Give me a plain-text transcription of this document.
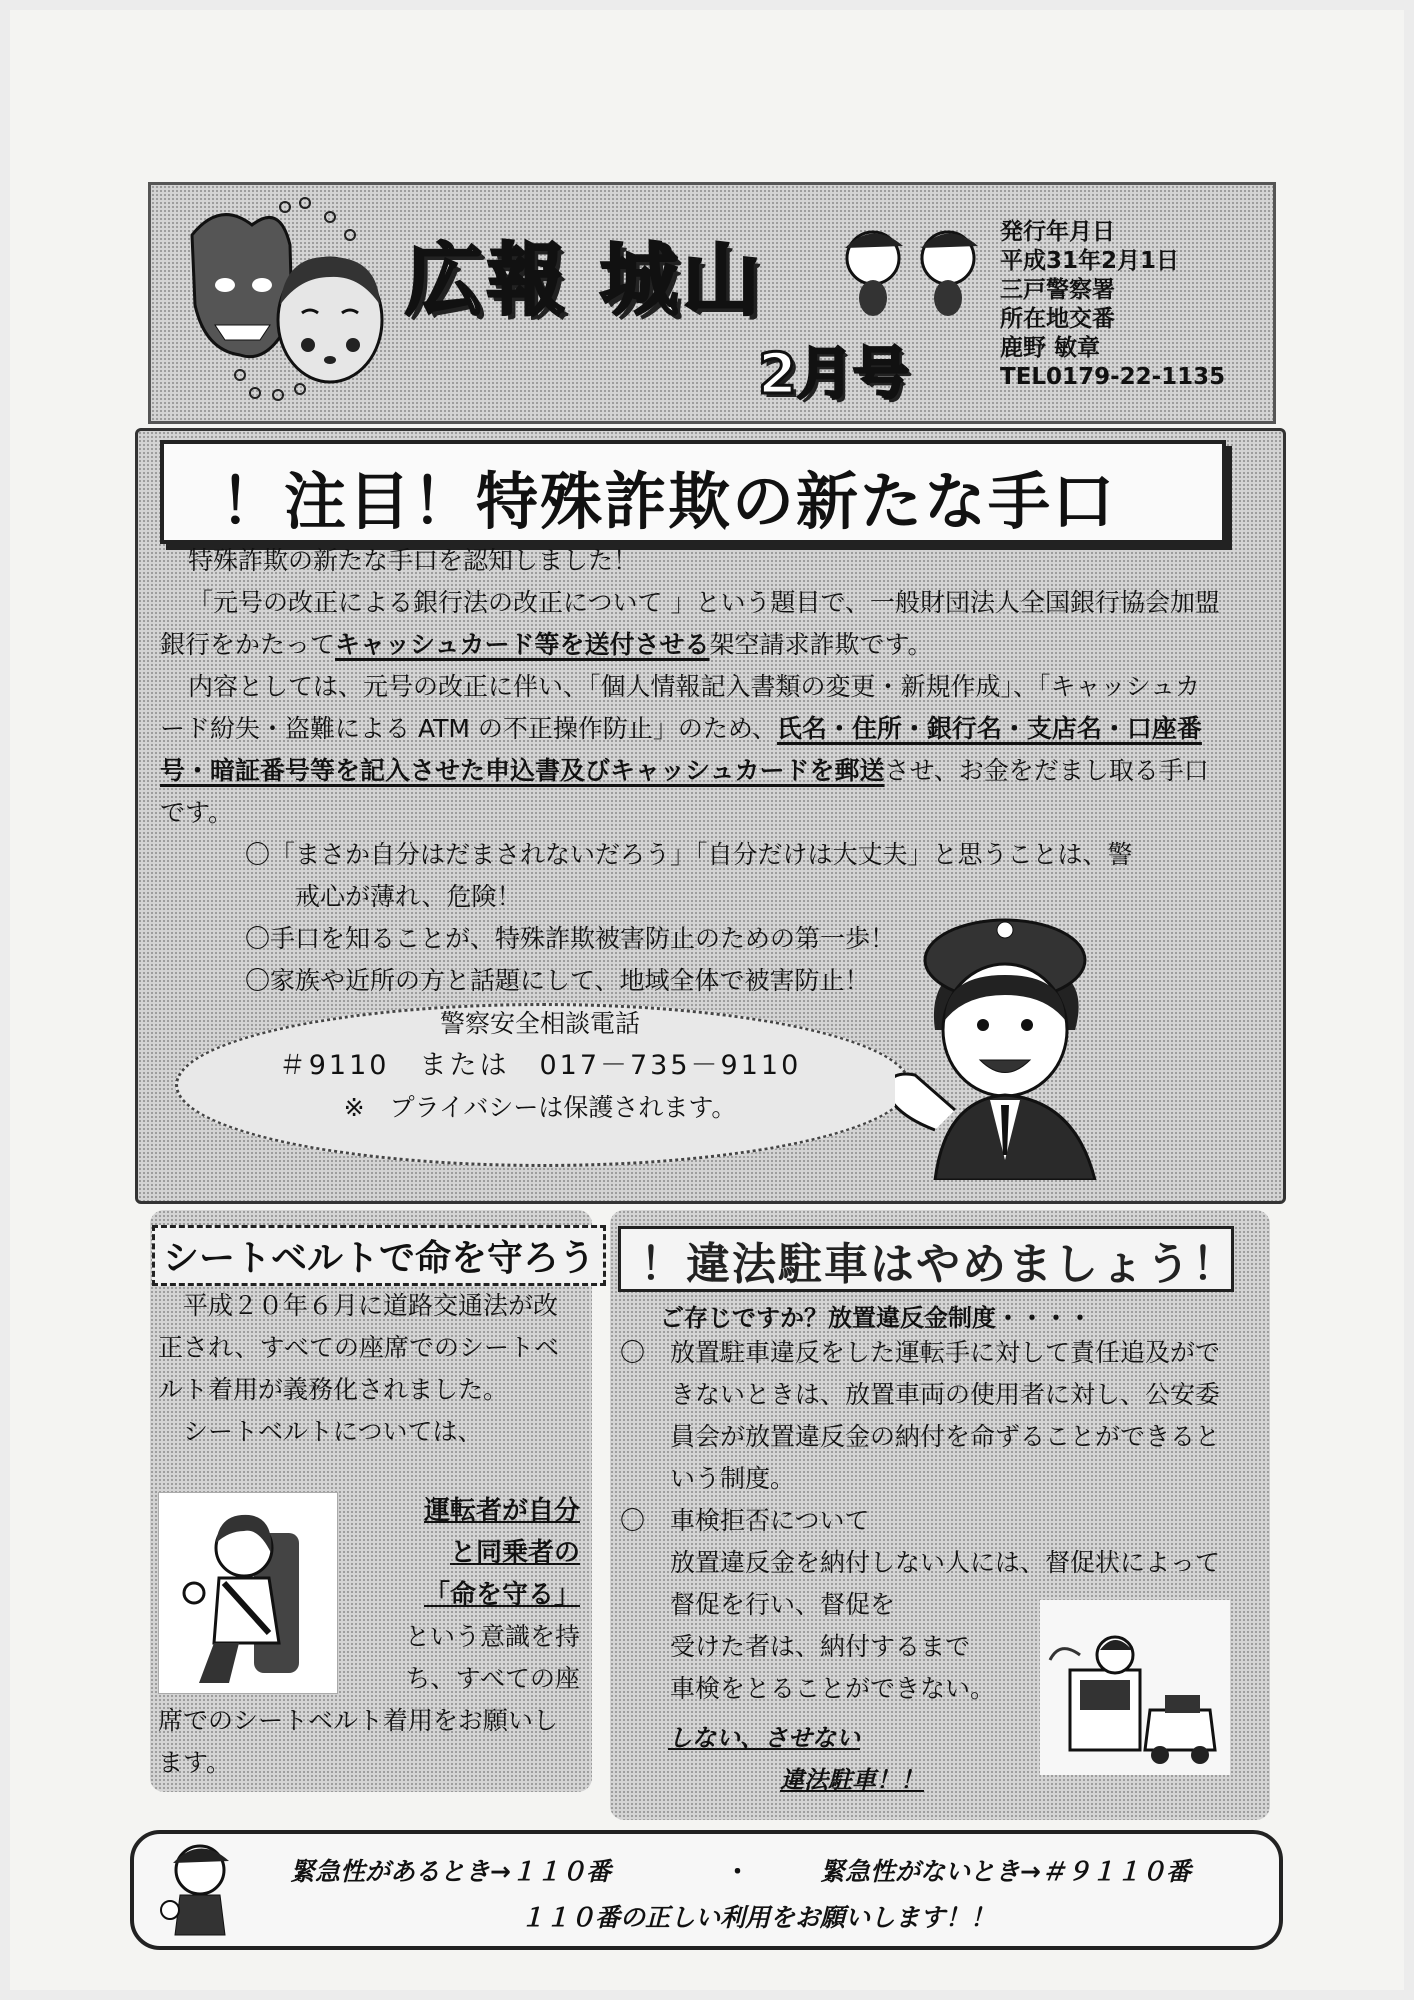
広報 城山
2月号
発行年月日
平成31年2月1日
三戸警察署
所在地交番
鹿野 敏章
TEL0179-22-1135
！注目！特殊詐欺の新たな手口

特殊詐欺の新たな手口を認知しました！

「元号の改正による銀行法の改正について 」という題目で、一般財団法人全国銀行協会加盟銀行をかたってキャッシュカード等を送付させる架空請求詐欺です。

内容としては、元号の改正に伴い、「個人情報記入書類の変更・新規作成」、「キャッシュカード紛失・盗難による ATM の不正操作防止」のため、氏名・住所・銀行名・支店名・口座番号・暗証番号等を記入させた申込書及びキャッシュカードを郵送させ、お金をだまし取る手口です。

〇「まさか自分はだまされないだろう」「自分だけは大丈夫」と思うことは、警戒心が薄れ、危険！

〇手口を知ることが、特殊詐欺被害防止のための第一歩！

〇家族や近所の方と話題にして、地域全体で被害防止！

警察安全相談電話
＃9110　または　017－735－9110
※　プライバシーは保護されます。
シートベルトで命を守ろう

平成２０年６月に道路交通法が改正され、すべての座席でのシートベルト着用が義務化されました。

シートベルトについては、

運転者が自分

と同乗者の

「命を守る」

という意識を持

ち、すべての座

席でのシートベルト着用をお願いします。
！違法駐車はやめましょう！
ご存じですか？放置違反金制度・・・・

〇　放置駐車違反をした運転手に対して責任追及ができないときは、放置車両の使用者に対し、公安委員会が放置違反金の納付を命ずることができるという制度。

〇　車検拒否について

放置違反金を納付しない人には、督促状によって督促を行い、督促を

受けた者は、納付するまで

車検をとることができない。

しない、させない
違法駐車！！
緊急性があるとき→１１０番	・	緊急性がないとき→＃９１１０番
１１０番の正しい利用をお願いします！！
